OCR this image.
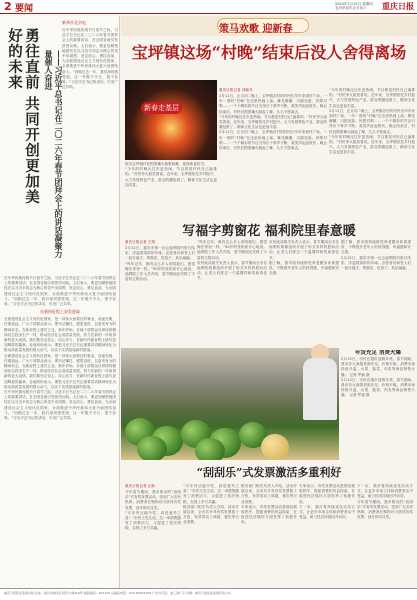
2 要闻	2024年2月15日 星期四 农历甲辰年正月初六	重庆日报
勇往直前 共同开创更加美好的未来	——习近平总书记在二〇二六年春节团拜会上的讲话凝聚力量催人奋进
新华社北京电

在中华民族传统节日春节之际，习近平总书记在二〇二六年春节团拜会上的重要讲话，在全国各地引发热烈反响。人们表示，要更加紧密地团结在以习近平同志为核心的党中央周围，坚定信心、勇往直前，为全面建设社会主义现代化国家、全面推进中华民族伟大复兴而团结奋斗。“回顾过去一年，我们深切感受到，这一年极不平凡、很不容易。”习近平总书记的讲话，引发广泛共鸣。

在中华民族传统节日春节之际，习近平总书记在二〇二六年春节团拜会上的重要讲话，在全国各地引发热烈反响。人们表示，要更加紧密地团结在以习近平同志为核心的党中央周围，坚定信心、勇往直前，为全面建设社会主义现代化国家、全面推进中华民族伟大复兴而团结奋斗。“回顾过去一年，我们深切感受到，这一年极不平凡、很不容易。”习近平总书记的讲话，引发广泛共鸣。

在新的征程上奋发进取

全面建设社会主义现代化国家，是一项伟大而艰巨的事业，前途光明，任重道远。广大干部群众表示，要牢记嘱托、感恩奋进，以奋发有为的精神状态，在新征程上建功立业。新年伊始，各地干部群众以昂扬的精神状态投身生产一线，推动经济社会高质量发展，努力在新的一年取得新的更大成绩。我们要坚定信心、同心协力，在新时代新征程上续写更加辉煌的篇章。各地纷纷表示，要把习近平总书记重要讲话精神转化为推动高质量发展的强大动力，以实干实绩迎接新的挑战。

全面建设社会主义现代化国家，是一项伟大而艰巨的事业，前途光明，任重道远。广大干部群众表示，要牢记嘱托、感恩奋进，以奋发有为的精神状态，在新征程上建功立业。新年伊始，各地干部群众以昂扬的精神状态投身生产一线，推动经济社会高质量发展，努力在新的一年取得新的更大成绩。我们要坚定信心、同心协力，在新时代新征程上续写更加辉煌的篇章。各地纷纷表示，要把习近平总书记重要讲话精神转化为推动高质量发展的强大动力，以实干实绩迎接新的挑战。

在中华民族传统节日春节之际，习近平总书记在二〇二六年春节团拜会上的重要讲话，在全国各地引发热烈反响。人们表示，要更加紧密地团结在以习近平同志为核心的党中央周围，坚定信心、勇往直前，为全面建设社会主义现代化国家、全面推进中华民族伟大复兴而团结奋斗。“回顾过去一年，我们深切感受到，这一年极不平凡、很不容易。”习近平总书记的讲话，引发广泛共鸣。

策马欢歌 迎新春
宝坪镇这场“村晚”结束后没人舍得离场
新春走基层
重庆日报记者 刘翰书

2月11日，正月初二晚上，宝坪镇各村的村民们早早来到村广场，一年一度的“村晚”在这里热闹上演。舞龙舞狮、川剧变脸、民歌对唱……一个个精彩的节目引得台下掌声不断，欢笑声此起彼伏。晚会结束后，村民们围着篝火跳起了舞，久久不愿离去。

“今年的村晚比往年更热闹，节目都是村民自己编排的。”村民李大姐笑着说。近年来，宝坪镇依托乡村振兴，大力发展特色产业，群众的腰包鼓了，精神文化生活也更加丰富。

2月11日，正月初二晚上，宝坪镇各村的村民们早早来到村广场，一年一度的“村晚”在这里热闹上演。舞龙舞狮、川剧变脸、民歌对唱……一个个精彩的节目引得台下掌声不断，欢笑声此起彼伏。晚会结束后，村民们围着篝火跳起了舞，久久不愿离去。

“今年的村晚比往年更热闹，节目都是村民自己编排的。”村民李大姐笑着说。近年来，宝坪镇依托乡村振兴，大力发展特色产业，群众的腰包鼓了，精神文化生活也更加丰富。

2月11日，正月初二晚上，宝坪镇各村的村民们早早来到村广场，一年一度的“村晚”在这里热闹上演。舞龙舞狮、川剧变脸、民歌对唱……一个个精彩的节目引得台下掌声不断，欢笑声此起彼伏。晚会结束后，村民们围着篝火跳起了舞，久久不愿离去。

“今年的村晚比往年更热闹，节目都是村民自己编排的。”村民李大姐笑着说。近年来，宝坪镇依托乡村振兴，大力发展特色产业，群众的腰包鼓了，精神文化生活也更加丰富。

图为宝坪镇村民围着篝火载歌载舞，欢度新春佳节。

“今年的村晚比往年更热闹，节目都是村民自己编排的。”村民李大姐笑着说。近年来，宝坪镇依托乡村振兴，大力发展特色产业，群众的腰包鼓了，精神文化生活也更加丰富。

写福字剪窗花 福利院里春意暖
重庆日报记者 王翔

2月12日，重庆市第一社会福利院内张灯结彩，洋溢着浓浓的年味。志愿者们和老人们一起写福字、剪窗花、包饺子，其乐融融。

“每年过年，都有这么多人来陪我们，感觉像在家里一样。”90岁的张奶奶开心地说。福利院工作人员介绍，春节期间还安排了丰富的文娱活动。

“每年过年，都有这么多人来陪我们，感觉像在家里一样。”90岁的张奶奶开心地说。福利院工作人员介绍，春节期间还安排了丰富的文娱活动。

市民政局相关负责人表示，春节期间全市各福利机构都组织开展了形式多样的慰问活动，让老人们度过一个温馨祥和的新春佳节。

市民政局相关负责人表示，春节期间全市各福利机构都组织开展了形式多样的慰问活动，让老人们度过一个温馨祥和的新春佳节。

据了解，我市将持续推进养老服务体系建设，不断提升老年人的获得感、幸福感和安全感。

据了解，我市将持续推进养老服务体系建设，不断提升老年人的获得感、幸福感和安全感。

2月12日，重庆市第一社会福利院内张灯结彩，洋溢着浓浓的年味。志愿者们和老人们一起写福字、剪窗花、包饺子，其乐融融。

年货充足 消费火爆

2月13日，市民在超市选购年货。春节期间，我市各大商超货源充足、价格平稳，消费市场持续升温，水果、蔬菜、肉类等商品销售火爆。 记者 罗斌 摄

2月13日，市民在超市选购年货。春节期间，我市各大商超货源充足、价格平稳，消费市场持续升温，水果、蔬菜、肉类等商品销售火爆。 记者 罗斌 摄

“刮刮乐”式发票激活多重利好
重庆日报记者 汪新

今年春节期间，我市推出的“刮刮乐”式有奖发票活动，受到广大市民热捧。消费者在购物后可获得有奖发票，刮开即可兑奖。

“买年货还能中奖，真是意外之喜！”市民王先生说。这一举措既激发了消费活力，又促进了依法纳税，实现了多方共赢。

“买年货还能中奖，真是意外之喜！”市民王先生说。这一举措既激发了消费活力，又促进了依法纳税，实现了多方共赢。

税务部门相关负责人介绍，活动开展以来，全市共开具有奖发票数十万张，有效带动了商超、餐饮等行业消费。

税务部门相关负责人介绍，活动开展以来，全市共开具有奖发票数十万张，有效带动了商超、餐饮等行业消费。

专家表示，有奖发票活动是规范税收秩序、提振消费的有益探索，在促进经济循环方面发挥了积极作用。

专家表示，有奖发票活动是规范税收秩序、提振消费的有益探索，在促进经济循环方面发挥了积极作用。

下一步，我市将持续优化活动方式，让更多市场主体和消费者从中受益，助力经济持续回升向好。

下一步，我市将持续优化活动方式，让更多市场主体和消费者从中受益，助力经济持续回升向好。

今年春节期间，我市推出的“刮刮乐”式有奖发票活动，受到广大市民热捧。消费者在购物后可获得有奖发票，刮开即可兑奖。

重庆日报报业集团出版 社址：重庆市渝北区同茂大道416号 邮政编码：401120 总编室电话：023-63907158 广告许可证：渝工商广字 印刷：重庆日报报业集团印务公司
